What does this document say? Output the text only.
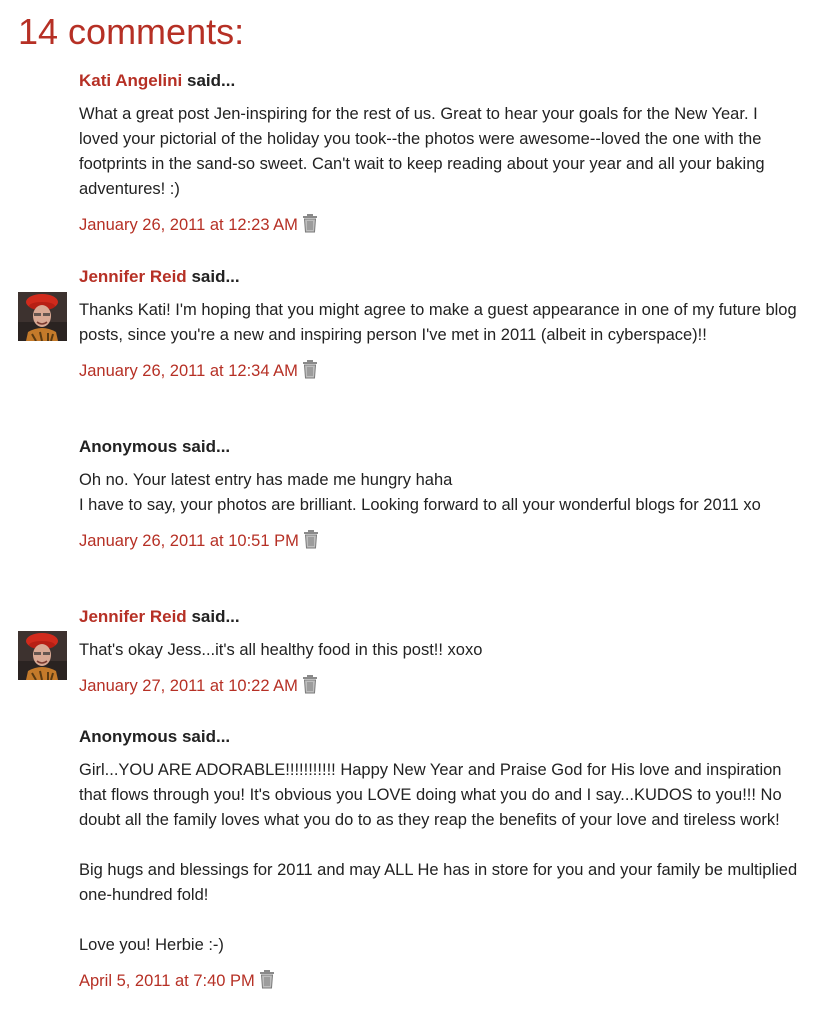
14 comments:
Kati Angelini said...

What a great post Jen-inspiring for the rest of us. Great to hear your goals for the New Year. I loved your pictorial of the holiday you took--the photos were awesome--loved the one with the footprints in the sand-so sweet. Can't wait to keep reading about your year and all your baking adventures! :)

January 26, 2011 at 12:23 AM
Jennifer Reid said...

Thanks Kati! I'm hoping that you might agree to make a guest appearance in one of my future blog posts, since you're a new and inspiring person I've met in 2011 (albeit in cyberspace)!!

January 26, 2011 at 12:34 AM
Anonymous said...

Oh no. Your latest entry has made me hungry haha

I have to say, your photos are brilliant. Looking forward to all your wonderful blogs for 2011 xo

January 26, 2011 at 10:51 PM
Jennifer Reid said...

That's okay Jess...it's all healthy food in this post!! xoxo

January 27, 2011 at 10:22 AM
Anonymous said...

Girl...YOU ARE ADORABLE!!!!!!!!!!! Happy New Year and Praise God for His love and inspiration that flows through you! It's obvious you LOVE doing what you do and I say...KUDOS to you!!! No doubt all the family loves what you do to as they reap the benefits of your love and tireless work!

Big hugs and blessings for 2011 and may ALL He has in store for you and your family be multiplied one-hundred fold!

Love you! Herbie :-)

April 5, 2011 at 7:40 PM
